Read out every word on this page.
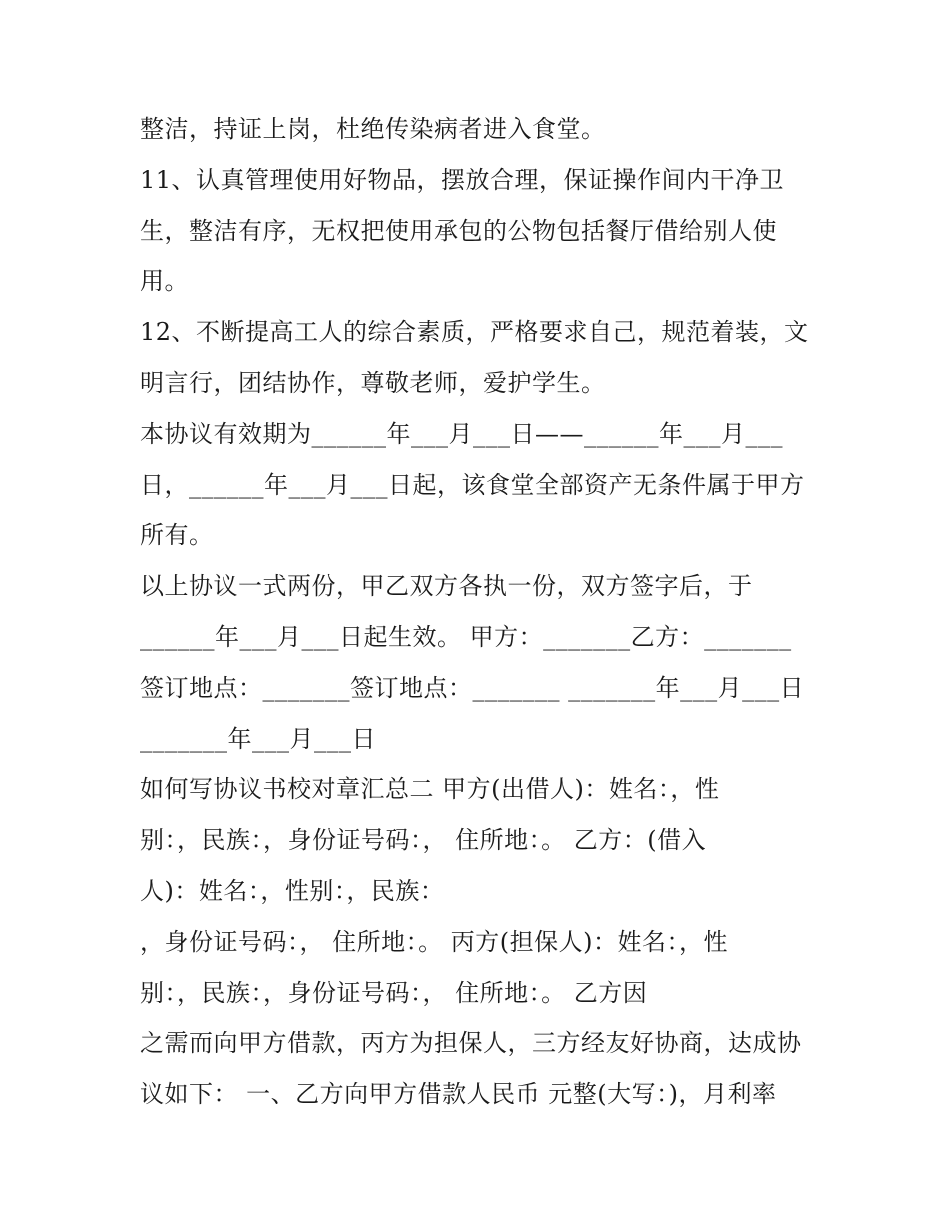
整洁，持证上岗，杜绝传染病者进入食堂。
11、认真管理使用好物品，摆放合理，保证操作间内干净卫
生，整洁有序，无权把使用承包的公物包括餐厅借给别人使
用。
12、不断提高工人的综合素质，严格要求自己，规范着装，文
明言行，团结协作，尊敬老师，爱护学生。
本协议有效期为______年___月___日——______年___月___
日，______年___月___日起，该食堂全部资产无条件属于甲方
所有。
以上协议一式两份，甲乙双方各执一份，双方签字后，于
______年___月___日起生效。 甲方：_______乙方：_______
签订地点：_______签订地点：_______ _______年___月___日
_______年___月___日
如何写协议书校对章汇总二 甲方(出借人)：姓名：，性
别：，民族：，身份证号码：， 住所地：。 乙方：(借入
人)：姓名：，性别：，民族：
，身份证号码：， 住所地：。 丙方(担保人)：姓名：，性
别：，民族：，身份证号码：， 住所地：。 乙方因
之需而向甲方借款，丙方为担保人，三方经友好协商，达成协
议如下： 一、乙方向甲方借款人民币 元整(大写：)，月利率
